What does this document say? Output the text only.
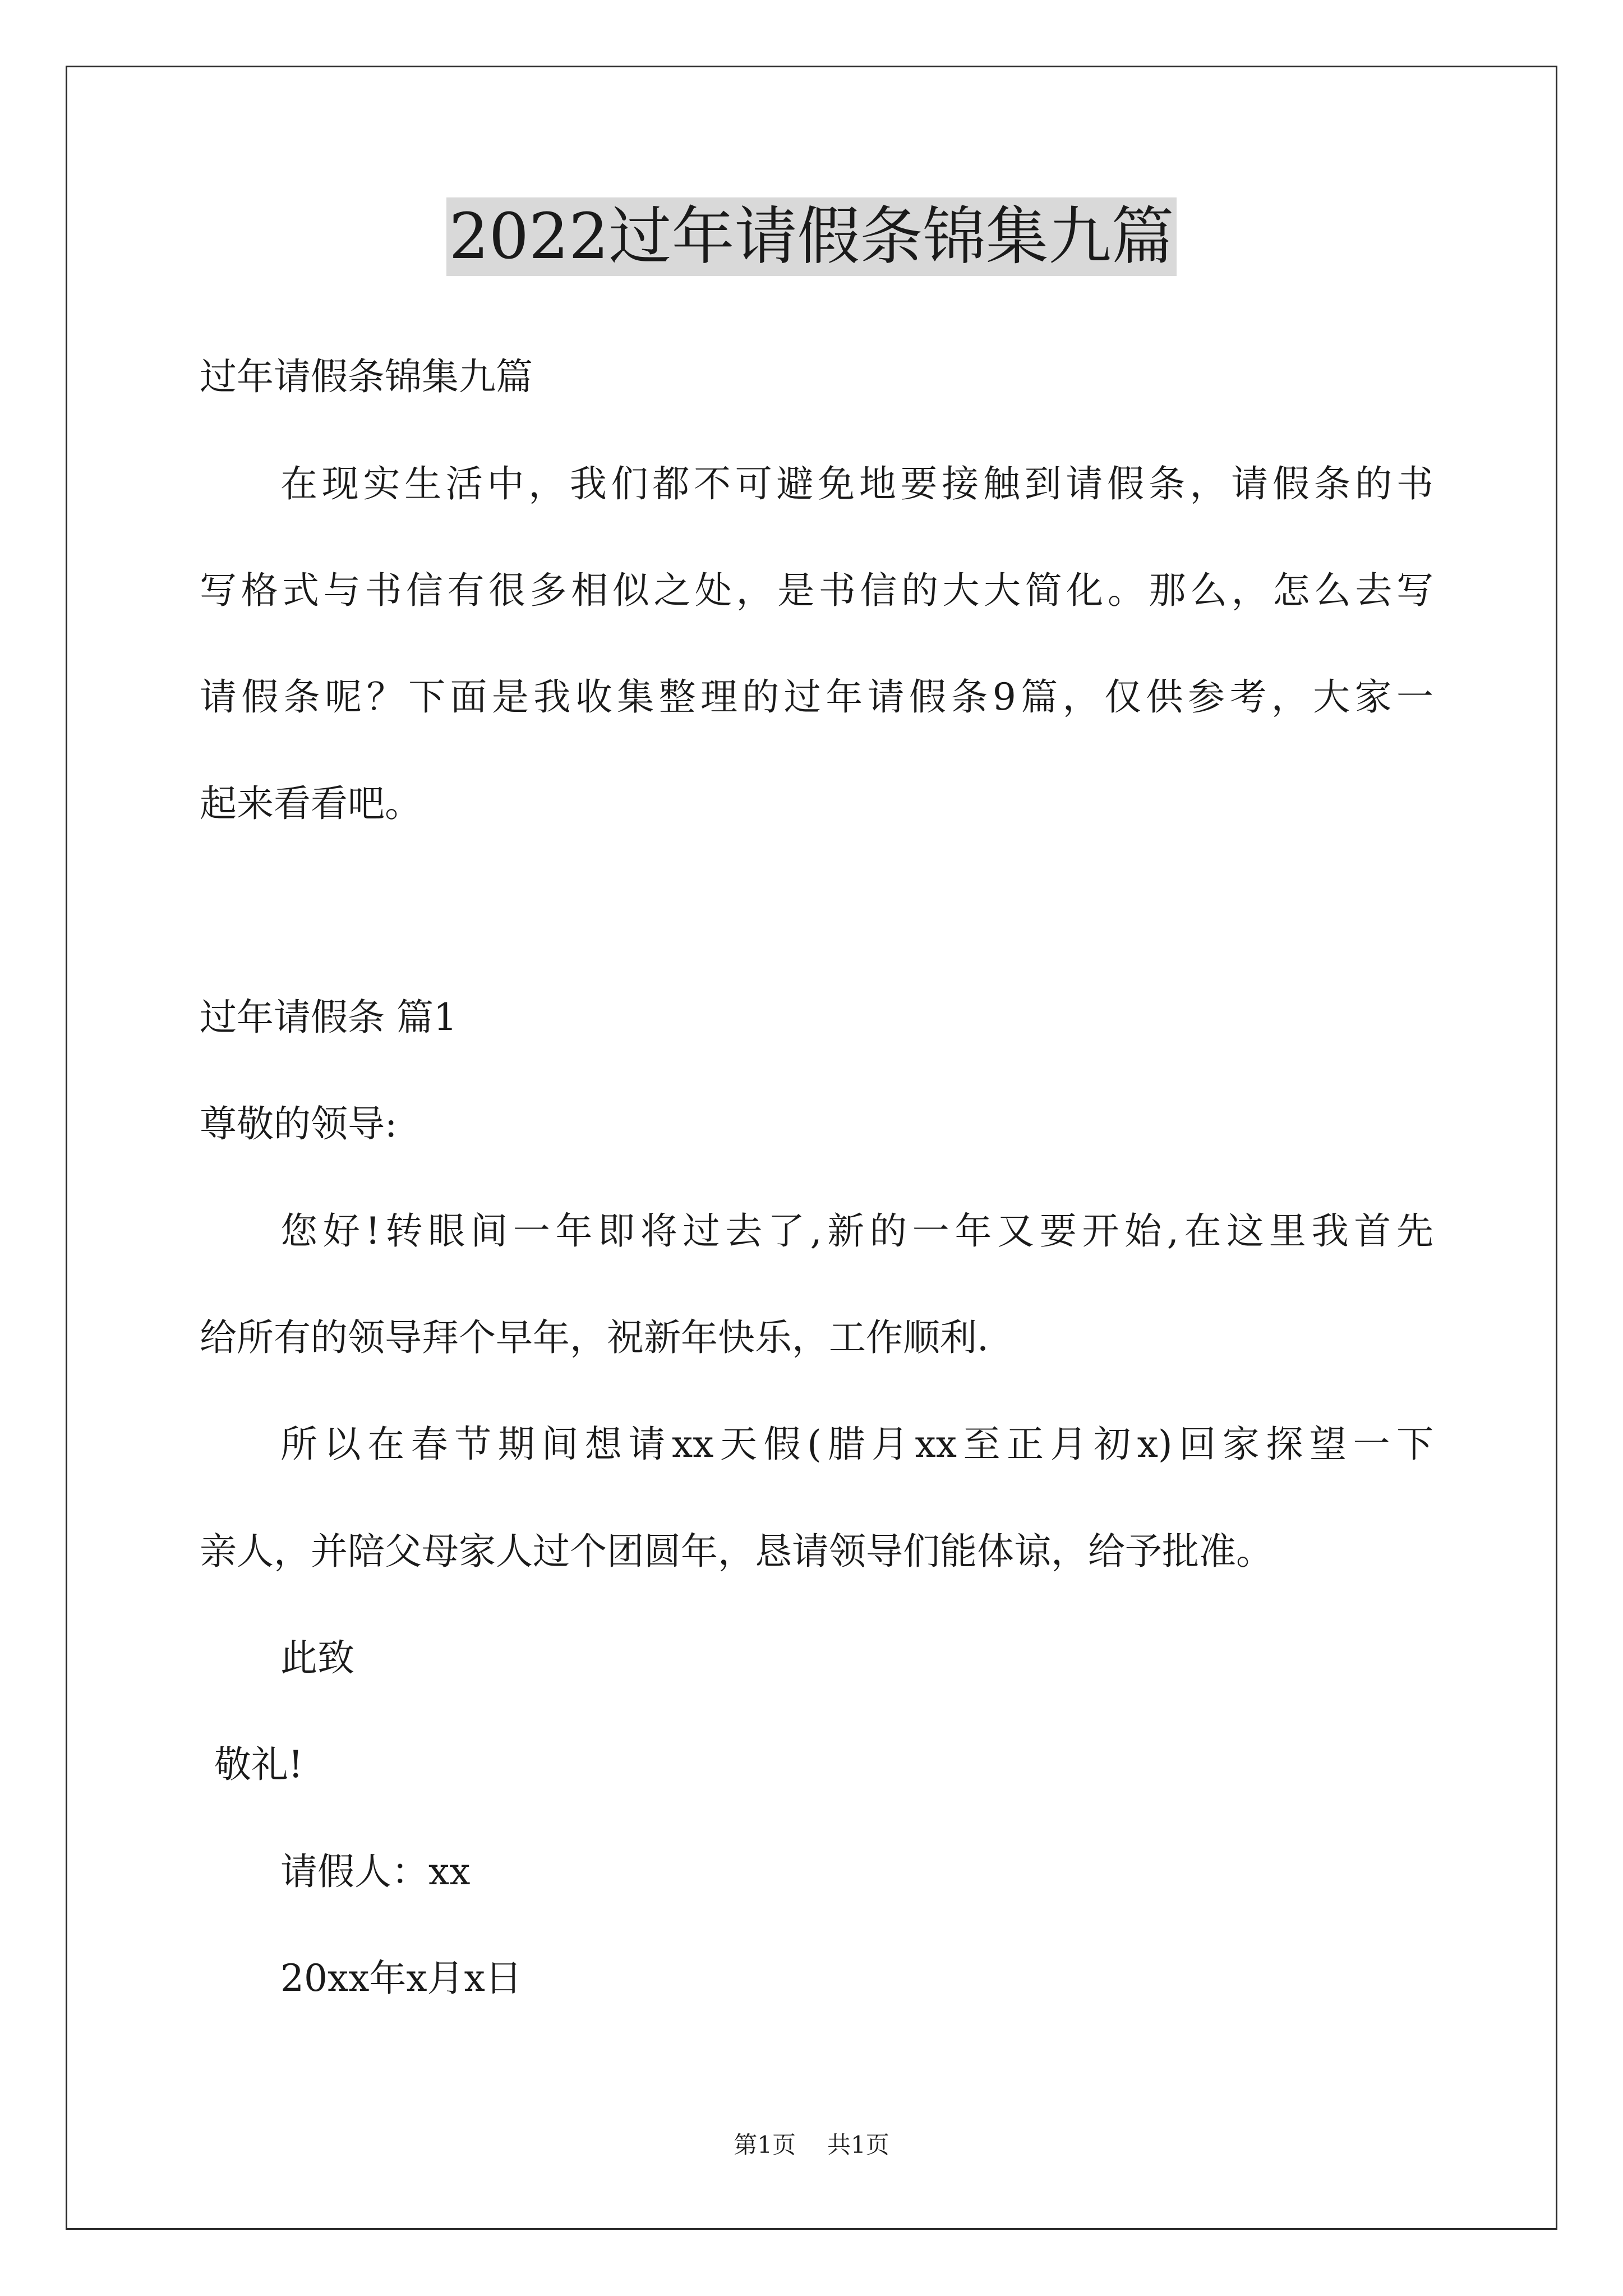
2022过年请假条锦集九篇
过年请假条锦集九篇
在现实生活中，我们都不可避免地要接触到请假条，请假条的书
写格式与书信有很多相似之处，是书信的大大简化。那么，怎么去写
请假条呢？下面是我收集整理的过年请假条9篇，仅供参考，大家一
起来看看吧。
过年请假条 篇1
尊敬的领导:
您好!转眼间一年即将过去了,新的一年又要开始,在这里我首先
给所有的领导拜个早年，祝新年快乐，工作顺利.
所以在春节期间想请xx天假(腊月xx至正月初x)回家探望一下
亲人，并陪父母家人过个团圆年，恳请领导们能体谅，给予批准。
此致
敬礼!
请假人：xx
20xx年x月x日
第1页 共1页
